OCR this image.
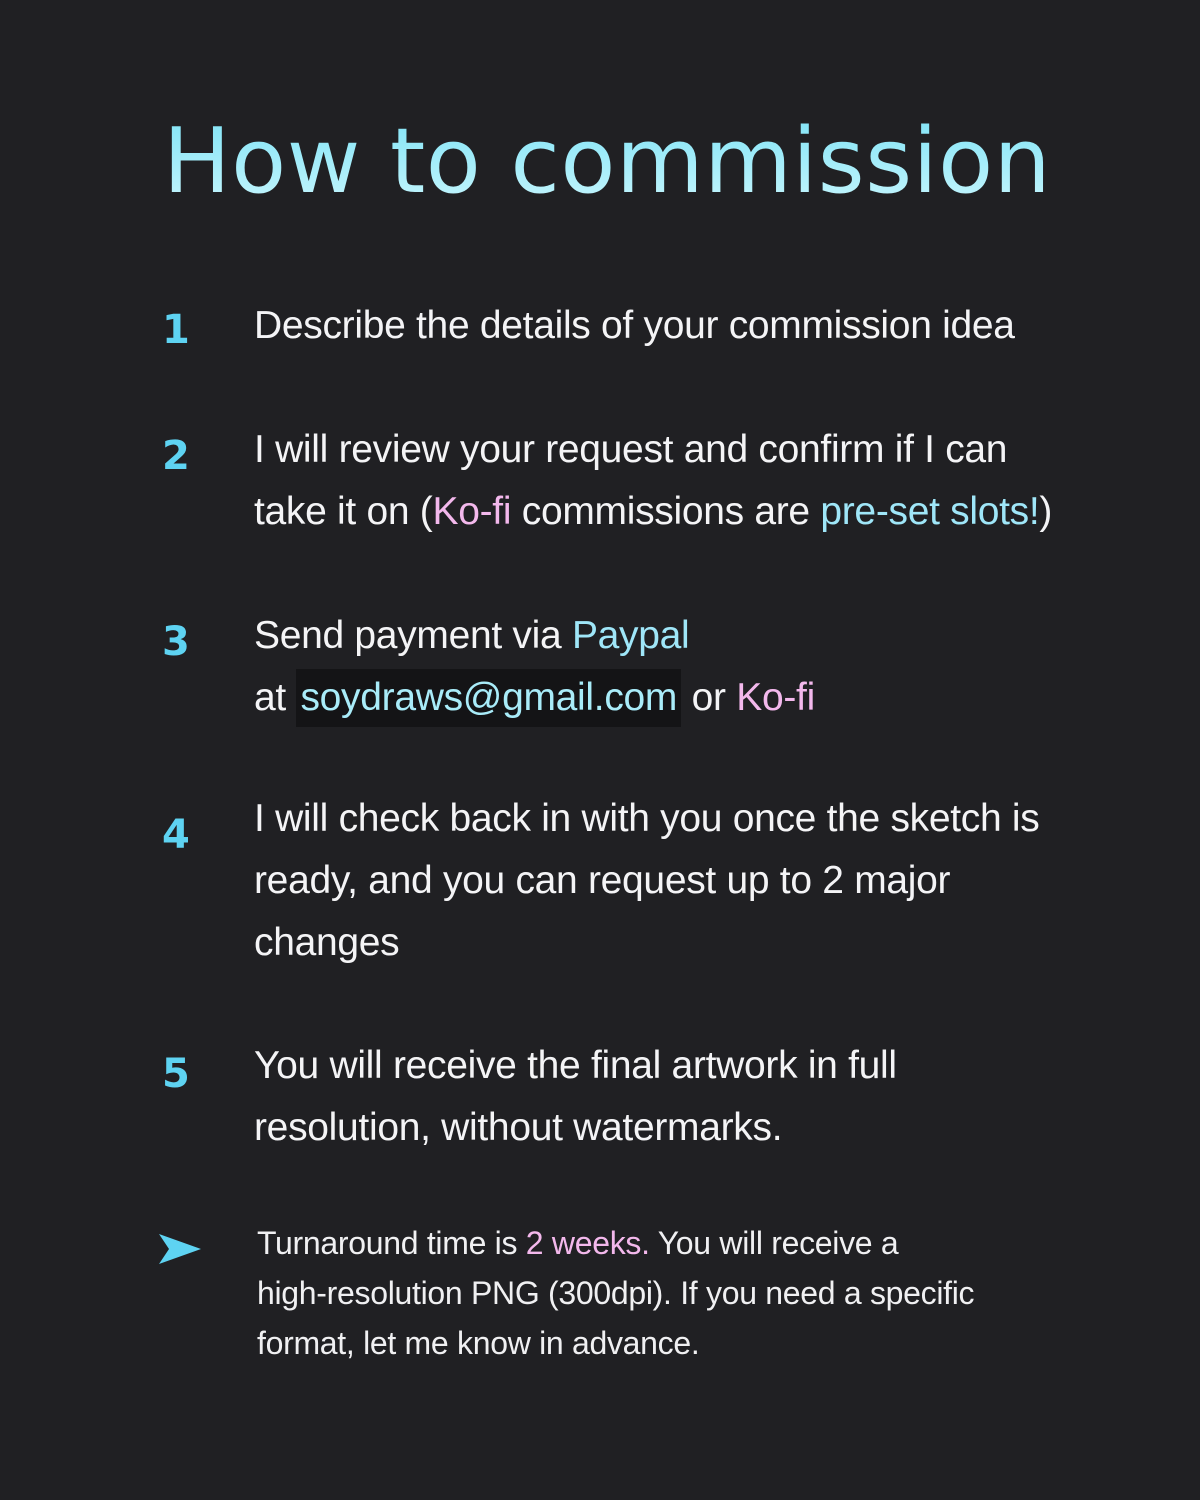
How to commission
1 Describe the details of your commission idea
2 I will review your request and confirm if I can
take it on (Ko-fi commissions are pre-set slots!)
3 Send payment via Paypal
at soydraws@gmail.com or Ko-fi
4 I will check back in with you once the sketch is
ready, and you can request up to 2 major
changes
5 You will receive the final artwork in full
resolution, without watermarks.
Turnaround time is 2 weeks. You will receive a
high-resolution PNG (300dpi). If you need a specific
format, let me know in advance.
